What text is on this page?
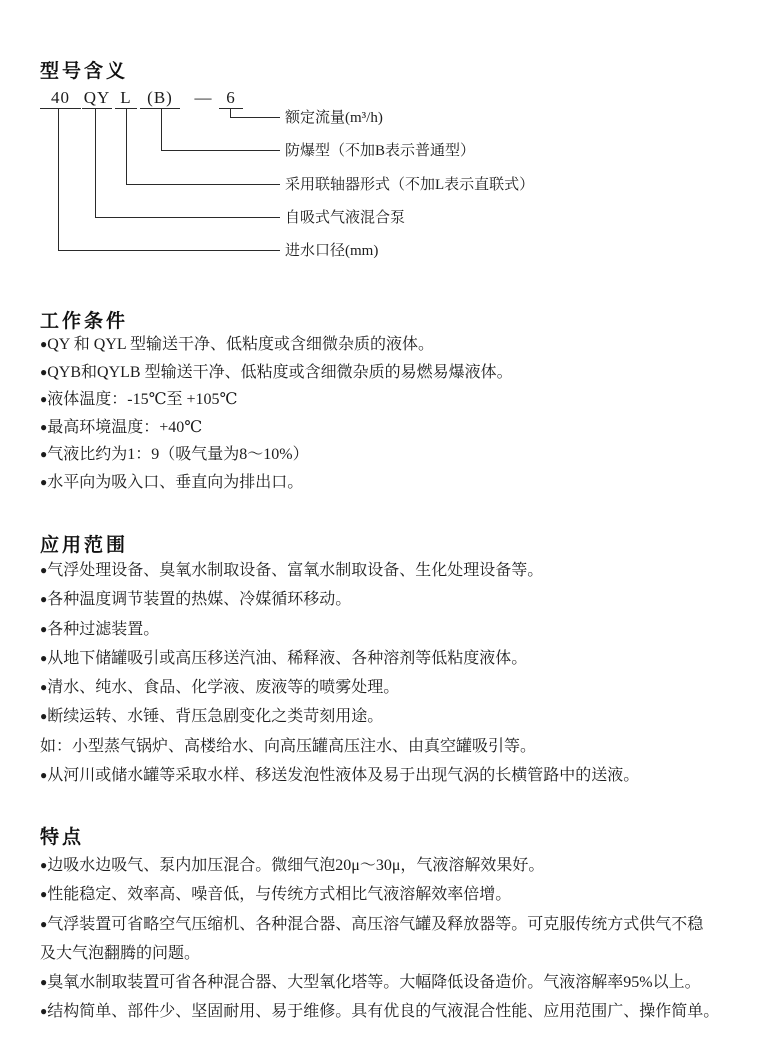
型号含义
40 QY L (B)	— 6
额定流量(m³/h)
防爆型（不加B表示普通型）
采用联轴器形式（不加L表示直联式）
自吸式气液混合泵
进水口径(mm)
工作条件
●QY 和 QYL 型输送干净、低粘度或含细微杂质的液体。
●QYB和QYLB 型输送干净、低粘度或含细微杂质的易燃易爆液体。
●液体温度：-15℃至 +105℃
●最高环境温度：+40℃
●气液比约为1：9（吸气量为8～10%）
●水平向为吸入口、垂直向为排出口。
应用范围
●气浮处理设备、臭氧水制取设备、富氧水制取设备、生化处理设备等。
●各种温度调节装置的热媒、冷媒循环移动。
●各种过滤装置。
●从地下储罐吸引或高压移送汽油、稀释液、各种溶剂等低粘度液体。
●清水、纯水、食品、化学液、废液等的喷雾处理。
●断续运转、水锤、背压急剧变化之类苛刻用途。
如：小型蒸气锅炉、高楼给水、向高压罐高压注水、由真空罐吸引等。
●从河川或储水罐等采取水样、移送发泡性液体及易于出现气涡的长横管路中的送液。
特点
●边吸水边吸气、泵内加压混合。微细气泡20μ～30μ，气液溶解效果好。
●性能稳定、效率高、噪音低，与传统方式相比气液溶解效率倍增。
●气浮装置可省略空气压缩机、各种混合器、高压溶气罐及释放器等。可克服传统方式供气不稳
及大气泡翻腾的问题。
●臭氧水制取装置可省各种混合器、大型氧化塔等。大幅降低设备造价。气液溶解率95%以上。
●结构简单、部件少、坚固耐用、易于维修。具有优良的气液混合性能、应用范围广、操作简单。
